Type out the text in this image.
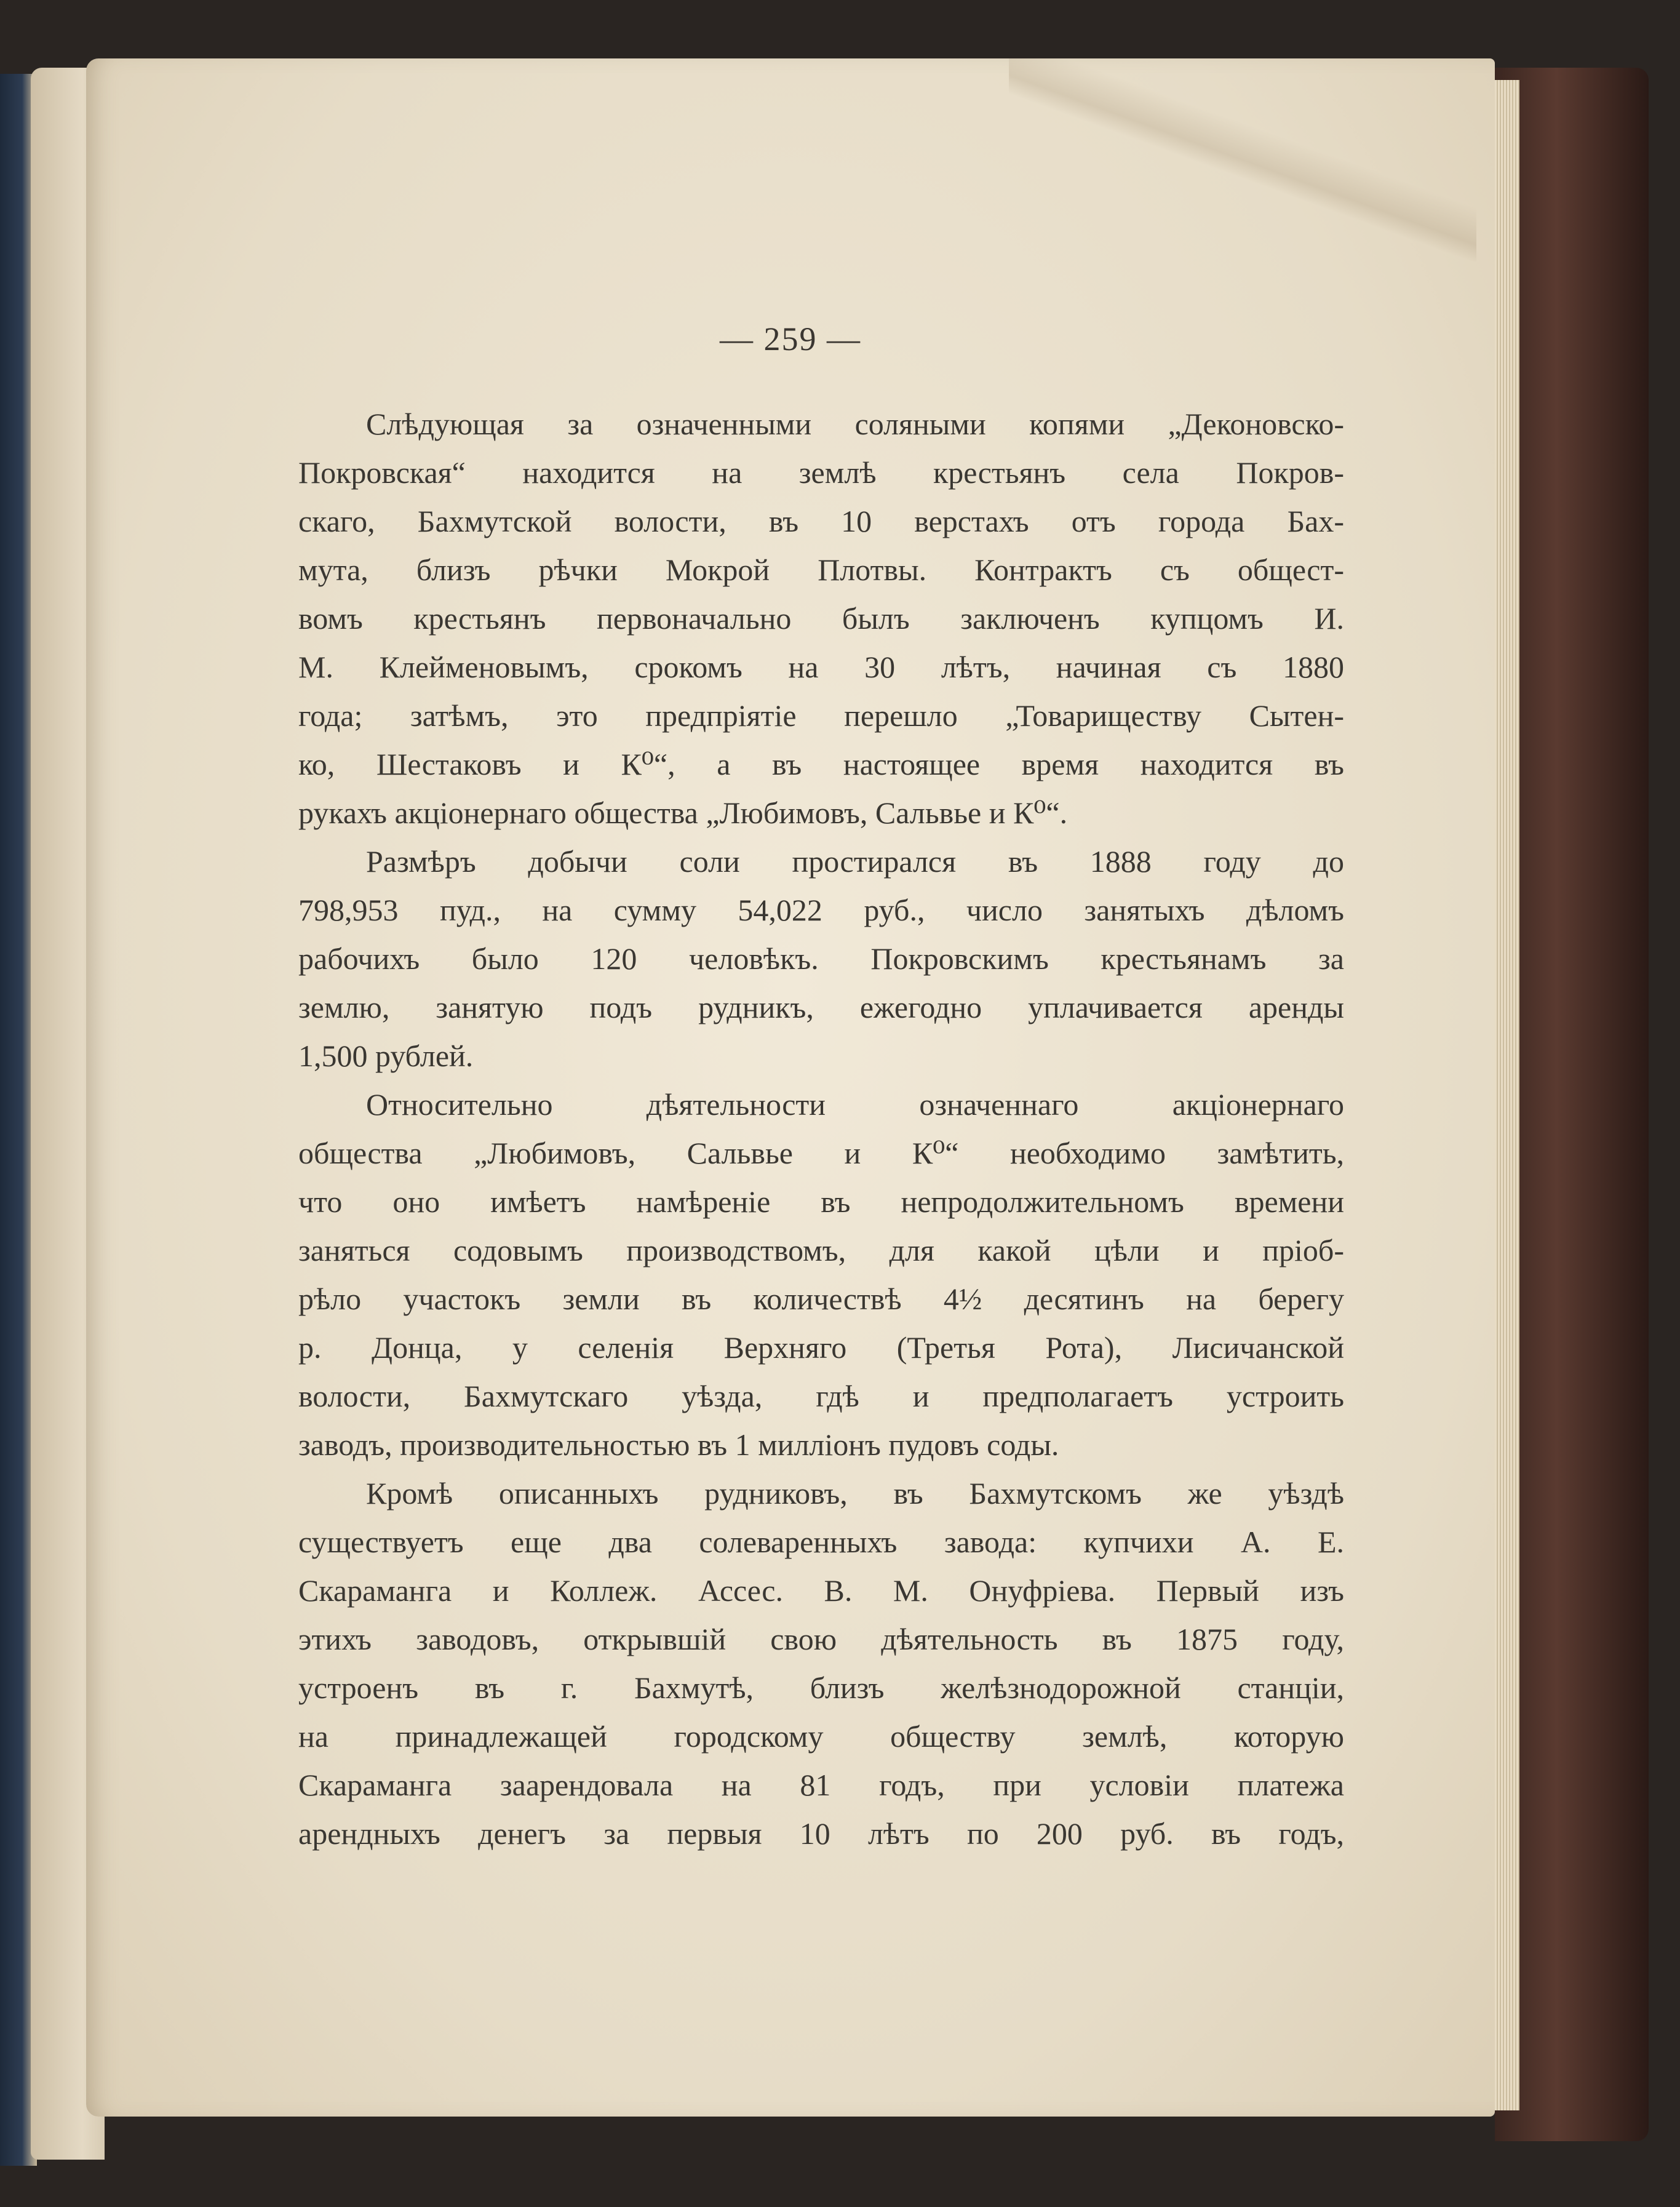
— 259 —

Слѣдующая за означенными соляными копями „Деконовско-
Покровская“ находится на землѣ крестьянъ села Покров-
скаго, Бахмутской волости, въ 10 верстахъ отъ города Бах-
мута, близъ рѣчки Мокрой Плотвы. Контрактъ съ общест-
вомъ крестьянъ первоначально былъ заключенъ купцомъ И.
М. Клейменовымъ, срокомъ на 30 лѣтъ, начиная съ 1880
года; затѣмъ, это предпріятіе перешло „Товариществу Сытен-
ко, Шестаковъ и К⁰“, а въ настоящее время находится въ
рукахъ акціонернаго общества „Любимовъ, Сальвье и К⁰“.

Размѣръ добычи соли простирался въ 1888 году до
798,953 пуд., на сумму 54,022 руб., число занятыхъ дѣломъ
рабочихъ было 120 человѣкъ. Покровскимъ крестьянамъ за
землю, занятую подъ рудникъ, ежегодно уплачивается аренды
1,500 рублей.

Относительно дѣятельности означеннаго акціонернаго
общества „Любимовъ, Сальвье и К⁰“ необходимо замѣтить,
что оно имѣетъ намѣреніе въ непродолжительномъ времени
заняться содовымъ производствомъ, для какой цѣли и пріоб-
рѣло участокъ земли въ количествѣ 4½ десятинъ на берегу
р. Донца, у селенія Верхняго (Третья Рота), Лисичанской
волости, Бахмутскаго уѣзда, гдѣ и предполагаетъ устроить
заводъ, производительностью въ 1 милліонъ пудовъ соды.

Кромѣ описанныхъ рудниковъ, въ Бахмутскомъ же уѣздѣ
существуетъ еще два солеваренныхъ завода: купчихи А. Е.
Скараманга и Коллеж. Ассес. В. М. Онуфріева. Первый изъ
этихъ заводовъ, открывшій свою дѣятельность въ 1875 году,
устроенъ въ г. Бахмутѣ, близъ желѣзнодорожной станціи,
на принадлежащей городскому обществу землѣ, которую
Скараманга заарендовала на 81 годъ, при условіи платежа
арендныхъ денегъ за первыя 10 лѣтъ по 200 руб. въ годъ,
